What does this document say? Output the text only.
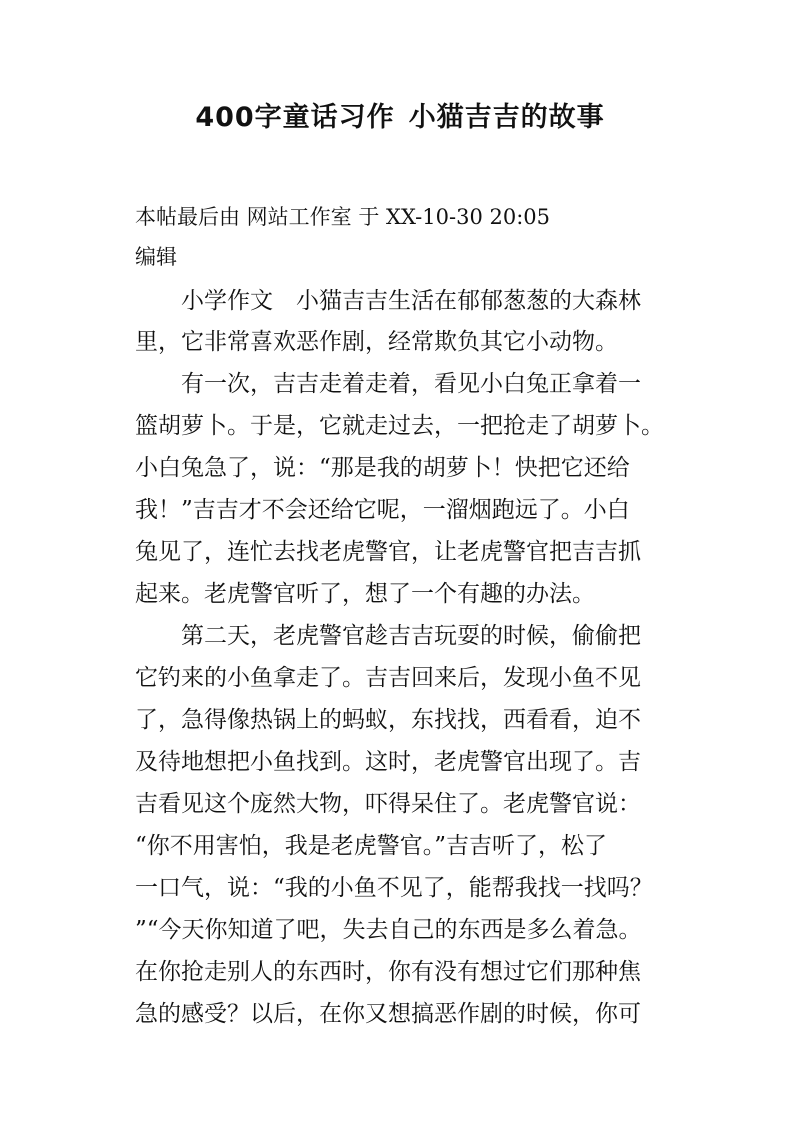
400字童话习作 小猫吉吉的故事
本帖最后由 网站工作室 于 XX-10-30 20:05
编辑
　　小学作文　小猫吉吉生活在郁郁葱葱的大森林
里，它非常喜欢恶作剧，经常欺负其它小动物。
　　有一次，吉吉走着走着，看见小白兔正拿着一
篮胡萝卜。于是，它就走过去，一把抢走了胡萝卜。
小白兔急了，说：“那是我的胡萝卜！快把它还给
我！”吉吉才不会还给它呢，一溜烟跑远了。小白
兔见了，连忙去找老虎警官，让老虎警官把吉吉抓
起来。老虎警官听了，想了一个有趣的办法。
　　第二天，老虎警官趁吉吉玩耍的时候，偷偷把
它钓来的小鱼拿走了。吉吉回来后，发现小鱼不见
了，急得像热锅上的蚂蚁，东找找，西看看，迫不
及待地想把小鱼找到。这时，老虎警官出现了。吉
吉看见这个庞然大物，吓得呆住了。老虎警官说：
“你不用害怕，我是老虎警官。”吉吉听了，松了
一口气，说：“我的小鱼不见了，能帮我找一找吗？
”“今天你知道了吧，失去自己的东西是多么着急。
在你抢走别人的东西时，你有没有想过它们那种焦
急的感受？以后，在你又想搞恶作剧的时候，你可
